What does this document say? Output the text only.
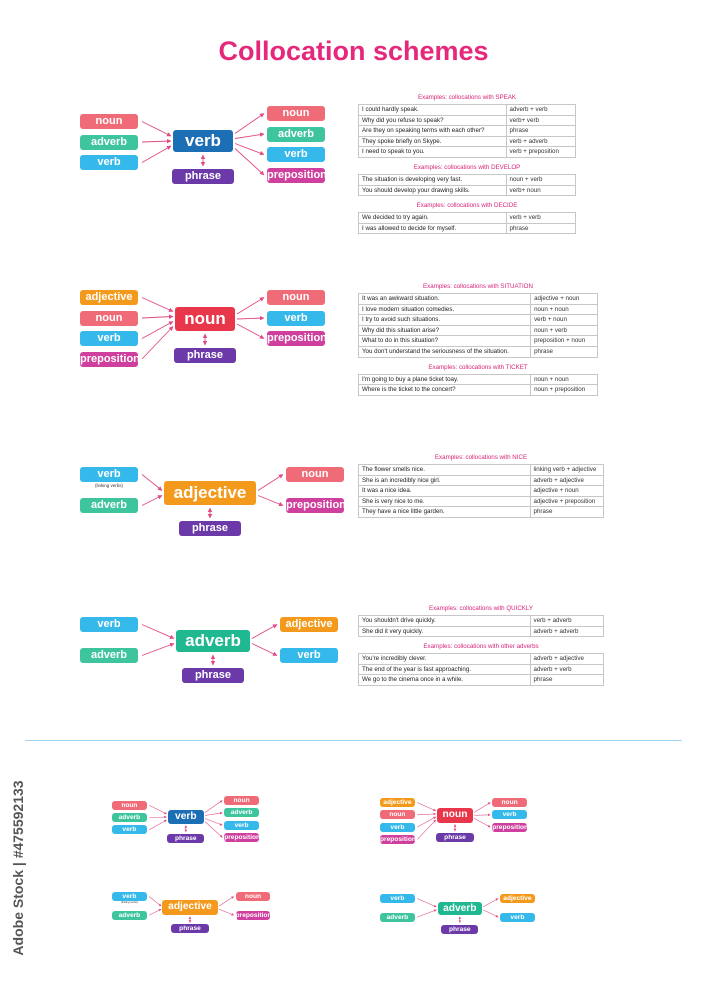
Collocation schemes
verb
noun
adverb
verb
noun
adverb
verb
preposition
phrase
noun
adjective
noun
verb
preposition
noun
verb
preposition
phrase
adjective
verb
(linking verbs)
adverb
noun
preposition
phrase
adverb
verb
adverb
adjective
verb
phrase
verb
noun
adverb
verb
noun
adverb
verb
preposition
phrase
noun
adjective
noun
verb
preposition
noun
verb
preposition
phrase
adjective
verb
(linking verbs)
adverb
noun
preposition
phrase
adverb
verb
adverb
adjective
verb
phrase
Examples: collocations with SPEAK
I could hardly speak.	adverb + verb
Why did you refuse to speak?	verb+ verb
Are they on speaking terms with each other?	phrase
They spoke briefly on Skype.	verb + adverb
I need to speak to you.	verb + preposition
Examples: collocations with DEVELOP
The situation is developing very fast.	noun + verb
You should develop your drawing skills.	verb+ noun
Examples: collocations with DECIDE
We decided to try again.	verb + verb
I was allowed to decide for myself.	phrase
Examples: collocations with SITUATION
It was an awkward situation.	adjective + noun
I love modern situation comedies.	noun + noun
I try to avoid such situations.	verb + noun
Why did this situation arise?	noun + verb
What to do in this situation?	preposition + noun
You don't understand the seriousness of the situation.	phrase
Examples: collocations with TICKET
I'm going to buy a plane ticket toay.	noun + noun
Where is the ticket to the concert?	noun + preposition
Examples: collocations with NICE
The flower smells nice.	linking verb + adjective
She is an incredibly nice girl.	adverb + adjective
It was a nice idea.	adjective + noun
She is very nice to me.	adjective + preposition
They have a nice little garden.	phrase
Examples: collocations with QUICKLY
You shouldn't drive quickly.	verb + adverb
She did it very quickly.	adverb + adverb
Examples: collocations with other adverbs
You're incredibly clever.	adverb + adjective
The end of the year is fast approaching.	adverb + verb
We go to the cinema once in a while.	phrase
Adobe Stock | #475592133
